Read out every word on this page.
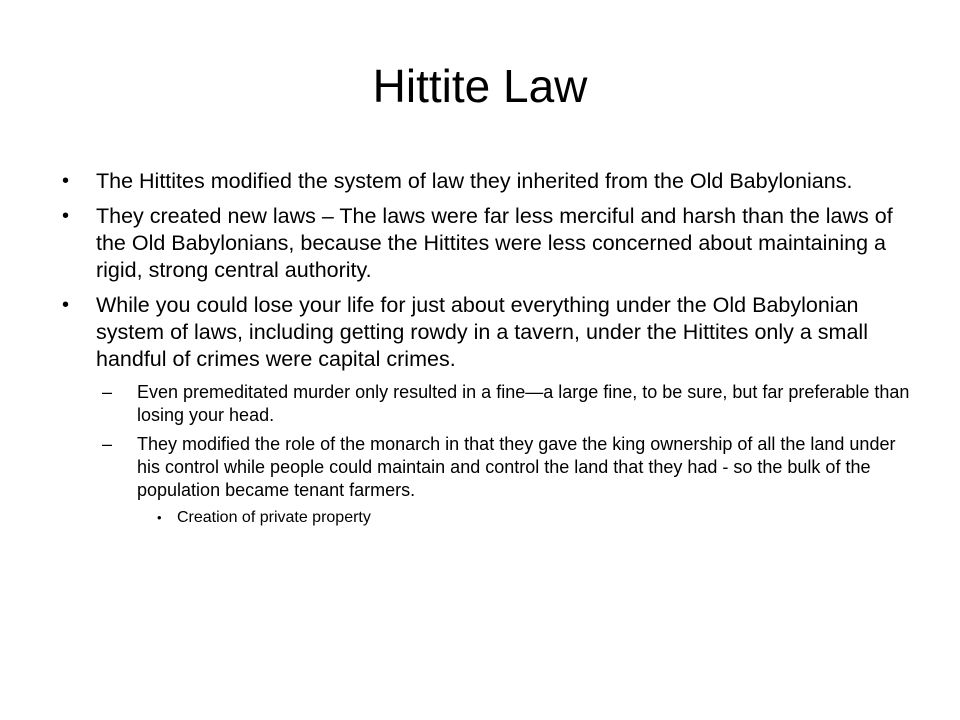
Hittite Law
• The Hittites modified the system of law they inherited from the Old Babylonians.
• They created new laws – The laws were far less merciful and harsh than the laws of the Old Babylonians, because the Hittites were less concerned about maintaining a rigid, strong central authority.
• While you could lose your life for just about everything under the Old Babylonian system of laws, including getting rowdy in a tavern, under the Hittites only a small handful of crimes were capital crimes.
– Even premeditated murder only resulted in a fine—a large fine, to be sure, but far preferable than losing your head.
– They modified the role of the monarch in that they gave the king ownership of all the land under his control while people could maintain and control the land that they had - so the bulk of the population became tenant farmers.
• Creation of private property
